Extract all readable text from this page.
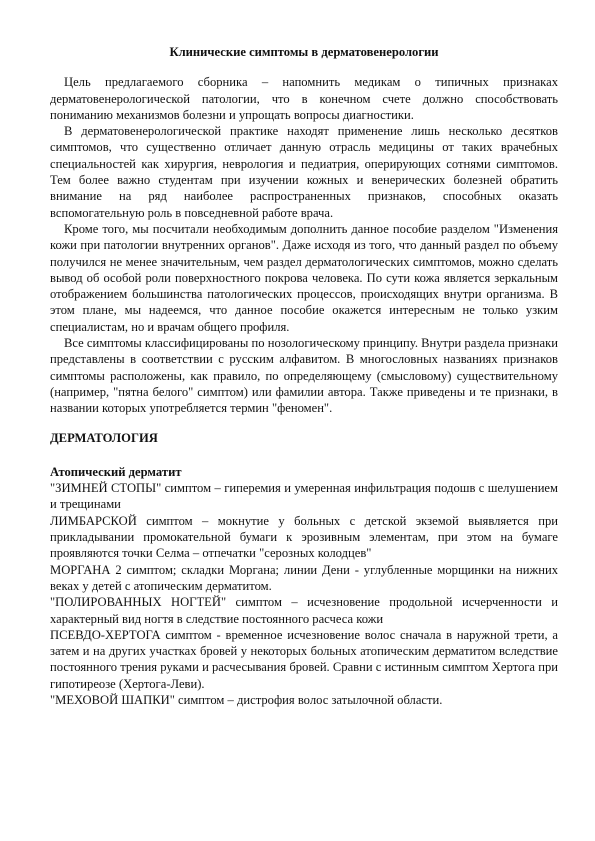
Клинические симптомы в дерматовенерологии

Цель предлагаемого сборника – напомнить медикам о типичных признаках дерматовенерологической патологии, что в конечном счете должно способствовать пониманию механизмов болезни и упрощать вопросы диагностики.

В дерматовенерологической практике находят применение лишь несколько десятков симптомов, что существенно отличает данную отрасль медицины от таких врачебных специальностей как хирургия, неврология и педиатрия, оперирующих сотнями симптомов. Тем более важно студентам при изучении кожных и венерических болезней обратить внимание на ряд наиболее распространенных признаков, способных оказать вспомогательную роль в повседневной работе врача.

Кроме того, мы посчитали необходимым дополнить данное пособие разделом "Изменения кожи при патологии внутренних органов". Даже исходя из того, что данный раздел по объему получился не менее значительным, чем раздел дерматологических симптомов, можно сделать вывод об особой роли поверхностного покрова человека. По сути кожа является зеркальным отображением большинства патологических процессов, происходящих внутри организма. В этом плане, мы надеемся, что данное пособие окажется интересным не только узким специалистам, но и врачам общего профиля.

Все симптомы классифицированы по нозологическому принципу. Внутри раздела признаки представлены в соответствии с русским алфавитом. В многословных названиях признаков симптомы расположены, как правило, по определяющему (смысловому) существительному (например, "пятна белого" симптом) или фамилии автора. Также приведены и те признаки, в названии которых употребляется термин "феномен".

ДЕРМАТОЛОГИЯ
Атопический дерматит

"ЗИМНЕЙ СТОПЫ" симптом – гиперемия и умеренная инфильтрация подошв с шелушением и трещинами

ЛИМБАРСКОЙ симптом – мокнутие у больных с детской экземой выявляется при прикладывании промокательной бумаги к эрозивным элементам, при этом на бумаге проявляются точки Селма – отпечатки "серозных колодцев"

МОРГАНА 2 симптом; складки Моргана; линии Дени - углубленные морщинки на нижних веках у детей с атопическим дерматитом.

"ПОЛИРОВАННЫХ НОГТЕЙ" симптом – исчезновение продольной исчерченности и характерный вид ногтя в следствие постоянного расчеса кожи

ПСЕВДО-ХЕРТОГА симптом - временное исчезновение волос сначала в наружной трети, а затем и на других участках бровей у некоторых больных атопическим дерматитом вследствие постоянного трения руками и расчесывания бровей. Сравни с истинным симптом Хертога при гипотиреозе (Хертога-Леви).

"МЕХОВОЙ ШАПКИ" симптом – дистрофия волос затылочной области.
